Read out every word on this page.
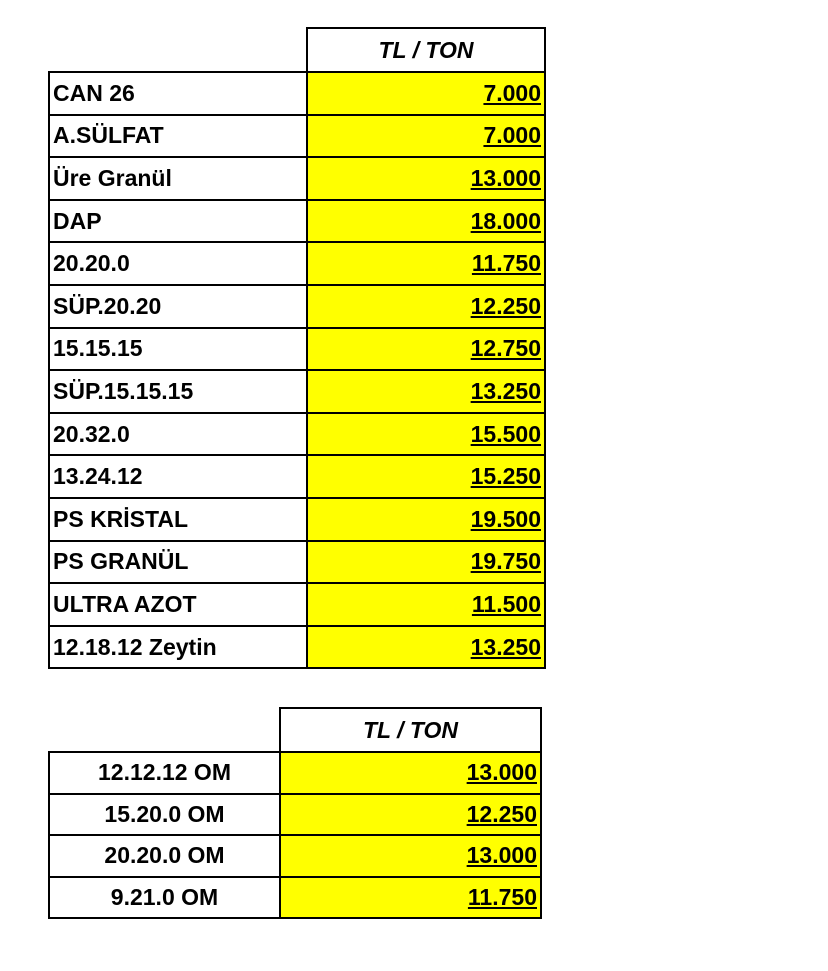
	TL / TON
CAN 26	7.000
A.SÜLFAT	7.000
Üre Granül	13.000
DAP	18.000
20.20.0	11.750
SÜP.20.20	12.250
15.15.15	12.750
SÜP.15.15.15	13.250
20.32.0	15.500
13.24.12	15.250
PS KRİSTAL	19.500
PS GRANÜL	19.750
ULTRA AZOT	11.500
12.18.12 Zeytin	13.250
	TL / TON
12.12.12 OM	13.000
15.20.0 OM	12.250
20.20.0 OM	13.000
9.21.0 OM	11.750
